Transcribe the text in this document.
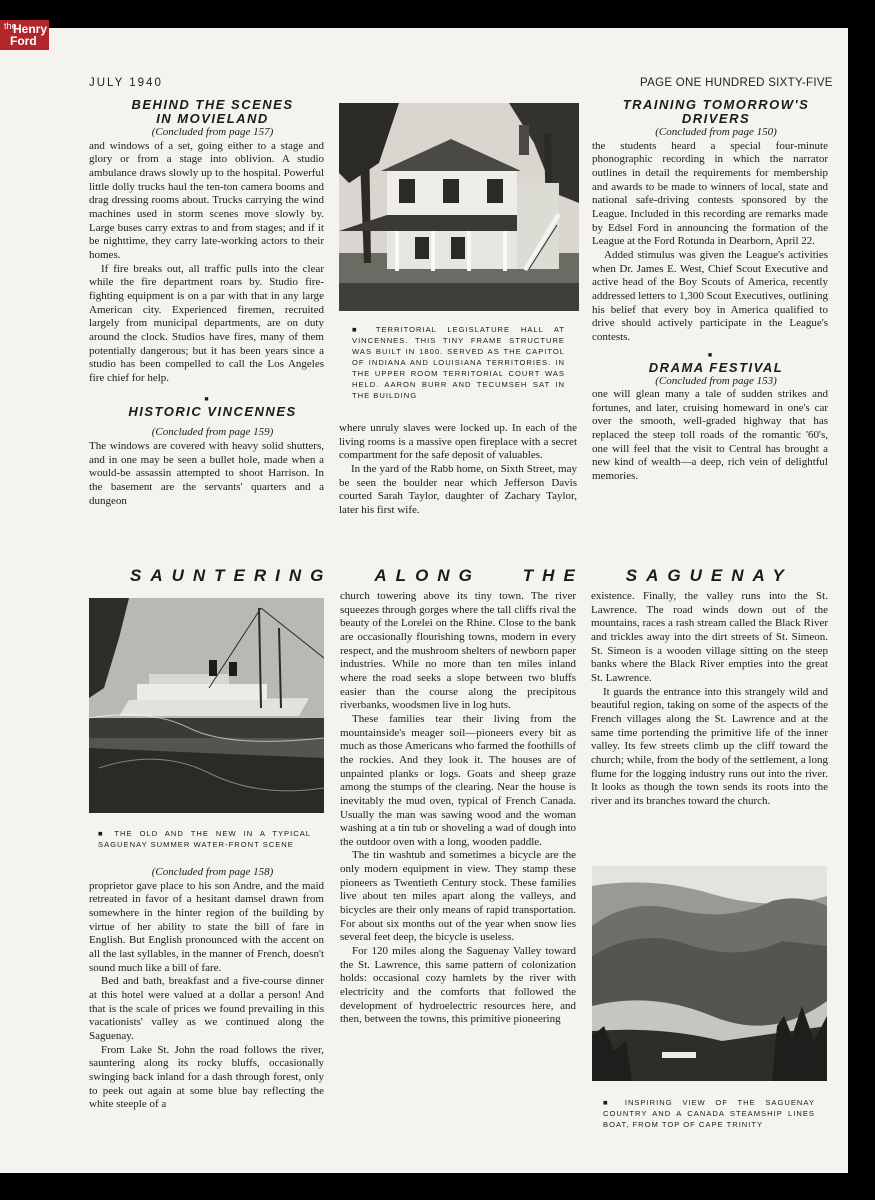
the
Henry
Ford
JULY 1940	PAGE ONE HUNDRED SIXTY-FIVE

BEHIND THE SCENES

IN MOVIELAND

(Concluded from page 157)

and windows of a set, going either to a stage and glory or from a stage into oblivion. A studio ambulance draws slowly up to the hospital. Powerful little dolly trucks haul the ten-ton camera booms and drag dressing rooms about. Trucks carrying the wind machines used in storm scenes move slowly by. Large buses carry extras to and from stages; and if it be nighttime, they carry late-working actors to their homes.

If fire breaks out, all traffic pulls into the clear while the fire department roars by. Studio fire-fighting equipment is on a par with that in any large American city. Experienced firemen, recruited largely from municipal departments, are on duty around the clock. Studios have fires, many of them potentially dangerous; but it has been years since a studio has been compelled to call the Los Angeles fire chief for help.

■

HISTORIC VINCENNES

(Concluded from page 159)

The windows are covered with heavy solid shutters, and in one may be seen a bullet hole, made when a would-be assassin attempted to shoot Harrison. In the basement are the servants' quarters and a dungeon

■ TERRITORIAL LEGISLATURE HALL AT VINCENNES. THIS TINY FRAME STRUCTURE WAS BUILT IN 1800. SERVED AS THE CAPITOL OF INDIANA AND LOUISIANA TERRITORIES. IN THE UPPER ROOM TERRITORIAL COURT WAS HELD. AARON BURR AND TECUMSEH SAT IN THE BUILDING

where unruly slaves were locked up. In each of the living rooms is a massive open fireplace with a secret compartment for the safe deposit of valuables.

In the yard of the Rabb home, on Sixth Street, may be seen the boulder near which Jefferson Davis courted Sarah Taylor, daughter of Zachary Taylor, later his first wife.

TRAINING TOMORROW'S

DRIVERS

(Concluded from page 150)

the students heard a special four-minute phonographic recording in which the narrator outlines in detail the requirements for membership and awards to be made to winners of local, state and national safe-driving contests sponsored by the League. Included in this recording are remarks made by Edsel Ford in announcing the formation of the League at the Ford Rotunda in Dearborn, April 22.

Added stimulus was given the League's activities when Dr. James E. West, Chief Scout Executive and active head of the Boy Scouts of America, recently addressed letters to 1,300 Scout Executives, outlining his belief that every boy in America qualified to drive should actively participate in the League's contests.

■

DRAMA FESTIVAL

(Concluded from page 153)

one will glean many a tale of sudden strikes and fortunes, and later, cruising homeward in one's car over the smooth, well-graded highway that has replaced the steep toll roads of the romantic '60's, one will feel that the visit to Central has brought a new kind of wealth—a deep, rich vein of delightful memories.

SAUNTERING ALONG THE SAGUENAY
■ THE OLD AND THE NEW IN A TYPICAL SAGUENAY SUMMER WATER-FRONT SCENE

(Concluded from page 158)

proprietor gave place to his son Andre, and the maid retreated in favor of a hesitant damsel drawn from somewhere in the hinter region of the building by virtue of her ability to state the bill of fare in English. But English pronounced with the accent on all the last syllables, in the manner of French, doesn't sound much like a bill of fare.

Bed and bath, breakfast and a five-course dinner at this hotel were valued at a dollar a person! And that is the scale of prices we found prevailing in this vacationists' valley as we continued along the Saguenay.

From Lake St. John the road follows the river, sauntering along its rocky bluffs, occasionally swinging back inland for a dash through forest, only to peek out again at some blue bay reflecting the white steeple of a

church towering above its tiny town. The river squeezes through gorges where the tall cliffs rival the beauty of the Lorelei on the Rhine. Close to the bank are occasionally flourishing towns, modern in every respect, and the mushroom shelters of newborn paper industries. While no more than ten miles inland where the road seeks a slope between two bluffs easier than the course along the precipitous riverbanks, woodsmen live in log huts.

These families tear their living from the mountainside's meager soil—pioneers every bit as much as those Americans who farmed the foothills of the rockies. And they look it. The houses are of unpainted planks or logs. Goats and sheep graze among the stumps of the clearing. Near the house is inevitably the mud oven, typical of French Canada. Usually the man was sawing wood and the woman washing at a tin tub or shoveling a wad of dough into the outdoor oven with a long, wooden paddle.

The tin washtub and sometimes a bicycle are the only modern equipment in view. They stamp these pioneers as Twentieth Century stock. These families live about ten miles apart along the valleys, and bicycles are their only means of rapid transportation. For about six months out of the year when snow lies several feet deep, the bicycle is useless.

For 120 miles along the Saguenay Valley toward the St. Lawrence, this same pattern of colonization holds: occasional cozy hamlets by the river with electricity and the comforts that followed the development of hydroelectric resources here, and then, between the towns, this primitive pioneering

existence. Finally, the valley runs into the St. Lawrence. The road winds down out of the mountains, races a rash stream called the Black River and trickles away into the dirt streets of St. Simeon. St. Simeon is a wooden village sitting on the steep banks where the Black River empties into the great St. Lawrence.

It guards the entrance into this strangely wild and beautiful region, taking on some of the aspects of the French villages along the St. Lawrence and at the same time portending the primitive life of the inner valley. Its few streets climb up the cliff toward the church; while, from the body of the settlement, a long flume for the logging industry runs out into the river. It looks as though the town sends its roots into the river and its branches toward the church.

■ INSPIRING VIEW OF THE SAGUENAY COUNTRY AND A CANADA STEAMSHIP LINES BOAT, FROM TOP OF CAPE TRINITY
